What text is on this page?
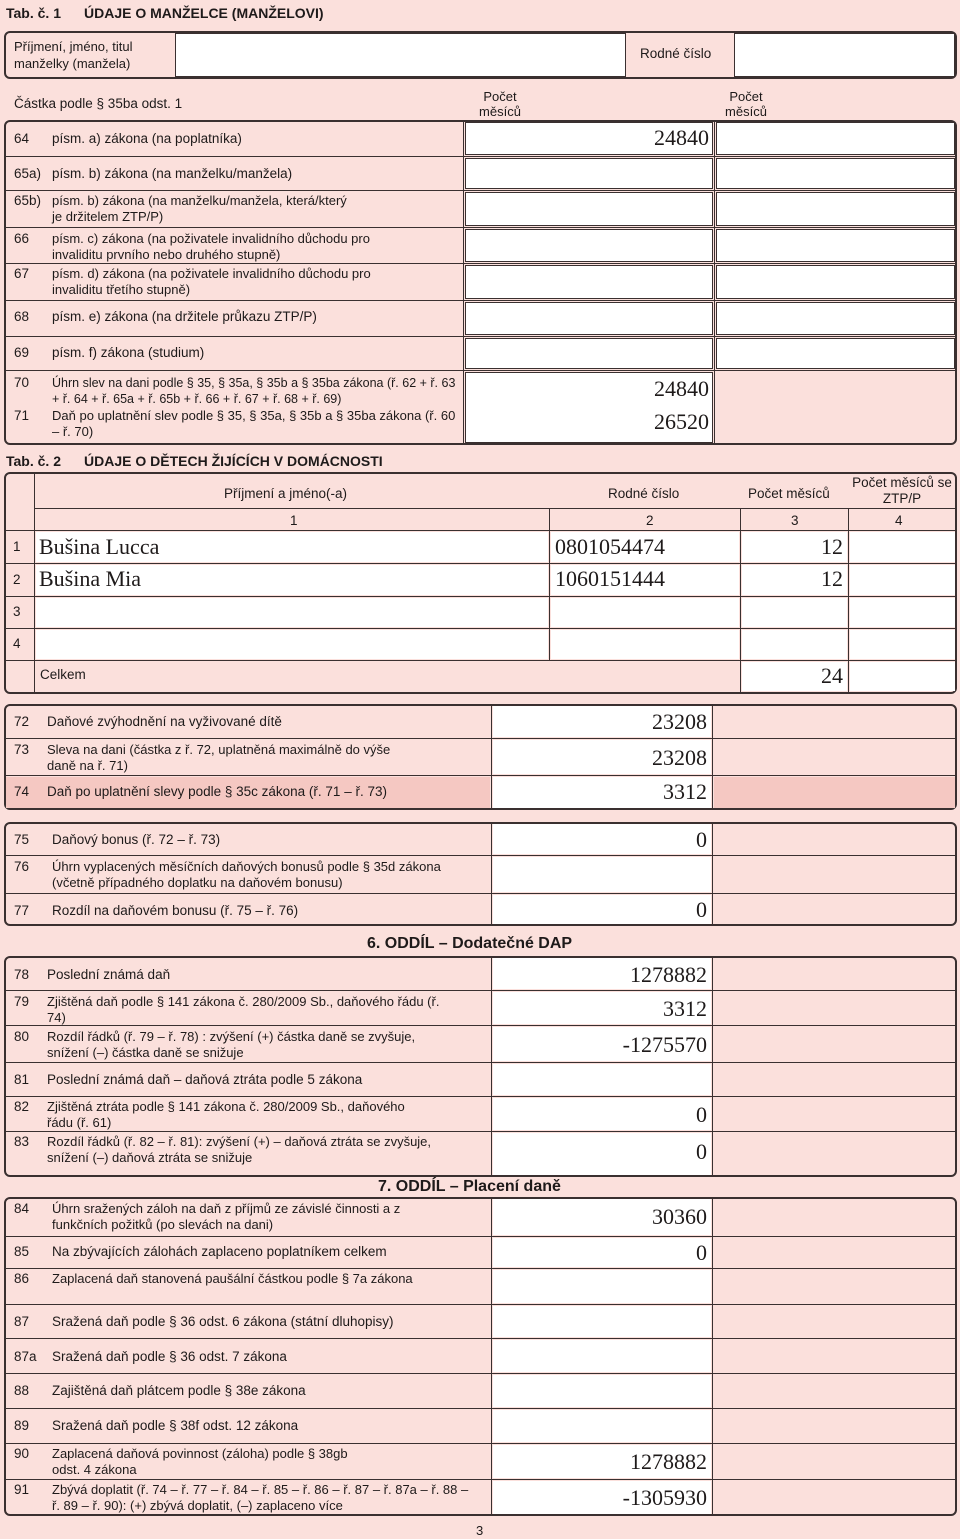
Tab. č. 1 ÚDAJE O MANŽELCE (MANŽELOVI)
Příjmení, jméno, titul manželky (manžela)
Rodné číslo
Částka podle § 35ba odst. 1	Počet měsíců
Počet měsíců
64 písm. a) zákona (na poplatníka)	24840
65a) písm. b) zákona (na manželku/manžela)
65b) písm. b) zákona (na manželku/manžela, která/který je držitelem ZTP/P)
66 písm. c) zákona (na poživatele invalidního důchodu pro invaliditu prvního nebo druhého stupně)
67 písm. d) zákona (na poživatele invalidního důchodu pro invaliditu třetího stupně)
68 písm. e) zákona (na držitele průkazu ZTP/P)
69 písm. f) zákona (studium)
70 Úhrn slev na dani podle § 35, § 35a, § 35b a § 35ba zákona (ř. 62 + ř. 63 + ř. 64 + ř. 65a + ř. 65b + ř. 66 + ř. 67 + ř. 68 + ř. 69)	24840
71 Daň po uplatnění slev podle § 35, § 35a, § 35b a § 35ba zákona (ř. 60 – ř. 70)	26520
Tab. č. 2 ÚDAJE O DĚTECH ŽIJÍCÍCH V DOMÁCNOSTI
Příjmení a jméno(-a)	Rodné číslo	Počet měsíců
Počet měsíců se ZTP/P
1	2	3	4
1 Bušina Lucca	0801054474	12
2 Bušina Mia	1060151444	12
3
4
Celkem	24
72 Daňové zvýhodnění na vyživované dítě	23208
73 Sleva na dani (částka z ř. 72, uplatněná maximálně do výše daně na ř. 71)	23208
74 Daň po uplatnění slevy podle § 35c zákona (ř. 71 – ř. 73)	3312
75 Daňový bonus (ř. 72 – ř. 73)	0
76 Úhrn vyplacených měsíčních daňových bonusů podle § 35d zákona (včetně případného doplatku na daňovém bonusu)
77 Rozdíl na daňovém bonusu (ř. 75 – ř. 76)	0
6. ODDÍL – Dodatečné DAP
78 Poslední známá daň	1278882
79 Zjištěná daň podle § 141 zákona č. 280/2009 Sb., daňového řádu (ř. 74)	3312
80 Rozdíl řádků (ř. 79 – ř. 78) : zvýšení (+) částka daně se zvyšuje, snížení (–) částka daně se snižuje	-1275570
81 Poslední známá daň – daňová ztráta podle 5 zákona
82 Zjištěná ztráta podle § 141 zákona č. 280/2009 Sb., daňového řádu (ř. 61)	0
83 Rozdíl řádků (ř. 82 – ř. 81): zvýšení (+) – daňová ztráta se zvyšuje, snížení (–) daňová ztráta se snižuje	0
7. ODDÍL – Placení daně
84 Úhrn sražených záloh na daň z příjmů ze závislé činnosti a z funkčních požitků (po slevách na dani)	30360
85 Na zbývajících zálohách zaplaceno poplatníkem celkem	0
86 Zaplacená daň stanovená paušální částkou podle § 7a zákona
87 Sražená daň podle § 36 odst. 6 zákona (státní dluhopisy)
87a Sražená daň podle § 36 odst. 7 zákona
88 Zajištěná daň plátcem podle § 38e zákona
89 Sražená daň podle § 38f odst. 12 zákona
90 Zaplacená daňová povinnost (záloha) podle § 38gb odst. 4 zákona	1278882
91 Zbývá doplatit (ř. 74 – ř. 77 – ř. 84 – ř. 85 – ř. 86 – ř. 87 – ř. 87a – ř. 88 – ř. 89 – ř. 90): (+) zbývá doplatit, (–) zaplaceno více	-1305930
3
